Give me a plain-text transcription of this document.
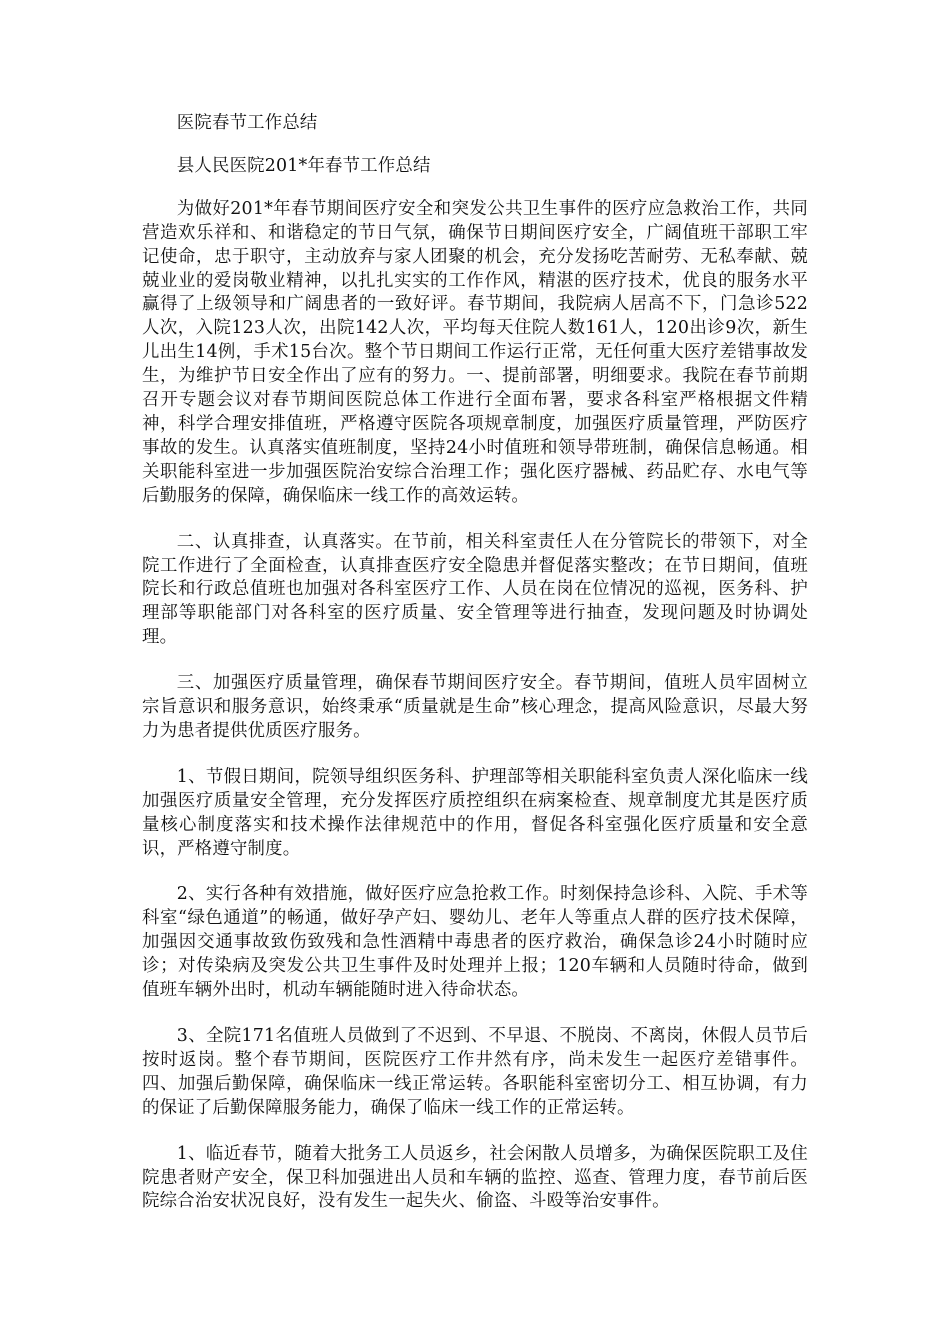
医院春节工作总结

县人民医院201*年春节工作总结

为做好201*年春节期间医疗安全和突发公共卫生事件的医疗应急救治工作，共同营造欢乐祥和、和谐稳定的节日气氛，确保节日期间医疗安全，广阔值班干部职工牢记使命，忠于职守，主动放弃与家人团聚的机会，充分发扬吃苦耐劳、无私奉献、兢兢业业的爱岗敬业精神，以扎扎实实的工作作风，精湛的医疗技术，优良的服务水平赢得了上级领导和广阔患者的一致好评。春节期间，我院病人居高不下，门急诊522人次，入院123人次，出院142人次，平均每天住院人数161人，120出诊9次，新生儿出生14例，手术15台次。整个节日期间工作运行正常，无任何重大医疗差错事故发生，为维护节日安全作出了应有的努力。一、提前部署，明细要求。我院在春节前期召开专题会议对春节期间医院总体工作进行全面布署，要求各科室严格根据文件精神，科学合理安排值班，严格遵守医院各项规章制度，加强医疗质量管理，严防医疗事故的发生。认真落实值班制度，坚持24小时值班和领导带班制，确保信息畅通。相关职能科室进一步加强医院治安综合治理工作；强化医疗器械、药品贮存、水电气等后勤服务的保障，确保临床一线工作的高效运转。

二、认真排查，认真落实。在节前，相关科室责任人在分管院长的带领下，对全院工作进行了全面检查，认真排查医疗安全隐患并督促落实整改；在节日期间，值班院长和行政总值班也加强对各科室医疗工作、人员在岗在位情况的巡视，医务科、护理部等职能部门对各科室的医疗质量、安全管理等进行抽查，发现问题及时协调处理。

三、加强医疗质量管理，确保春节期间医疗安全。春节期间，值班人员牢固树立宗旨意识和服务意识，始终秉承“质量就是生命”核心理念，提高风险意识，尽最大努力为患者提供优质医疗服务。

1、节假日期间，院领导组织医务科、护理部等相关职能科室负责人深化临床一线加强医疗质量安全管理，充分发挥医疗质控组织在病案检查、规章制度尤其是医疗质量核心制度落实和技术操作法律规范中的作用，督促各科室强化医疗质量和安全意识，严格遵守制度。

2、实行各种有效措施，做好医疗应急抢救工作。时刻保持急诊科、入院、手术等科室“绿色通道”的畅通，做好孕产妇、婴幼儿、老年人等重点人群的医疗技术保障，加强因交通事故致伤致残和急性酒精中毒患者的医疗救治，确保急诊24小时随时应诊；对传染病及突发公共卫生事件及时处理并上报；120车辆和人员随时待命，做到值班车辆外出时，机动车辆能随时进入待命状态。

3、全院171名值班人员做到了不迟到、不早退、不脱岗、不离岗，休假人员节后按时返岗。整个春节期间，医院医疗工作井然有序，尚未发生一起医疗差错事件。四、加强后勤保障，确保临床一线正常运转。各职能科室密切分工、相互协调，有力的保证了后勤保障服务能力，确保了临床一线工作的正常运转。

1、临近春节，随着大批务工人员返乡，社会闲散人员增多，为确保医院职工及住院患者财产安全，保卫科加强进出人员和车辆的监控、巡查、管理力度，春节前后医院综合治安状况良好，没有发生一起失火、偷盗、斗殴等治安事件。
